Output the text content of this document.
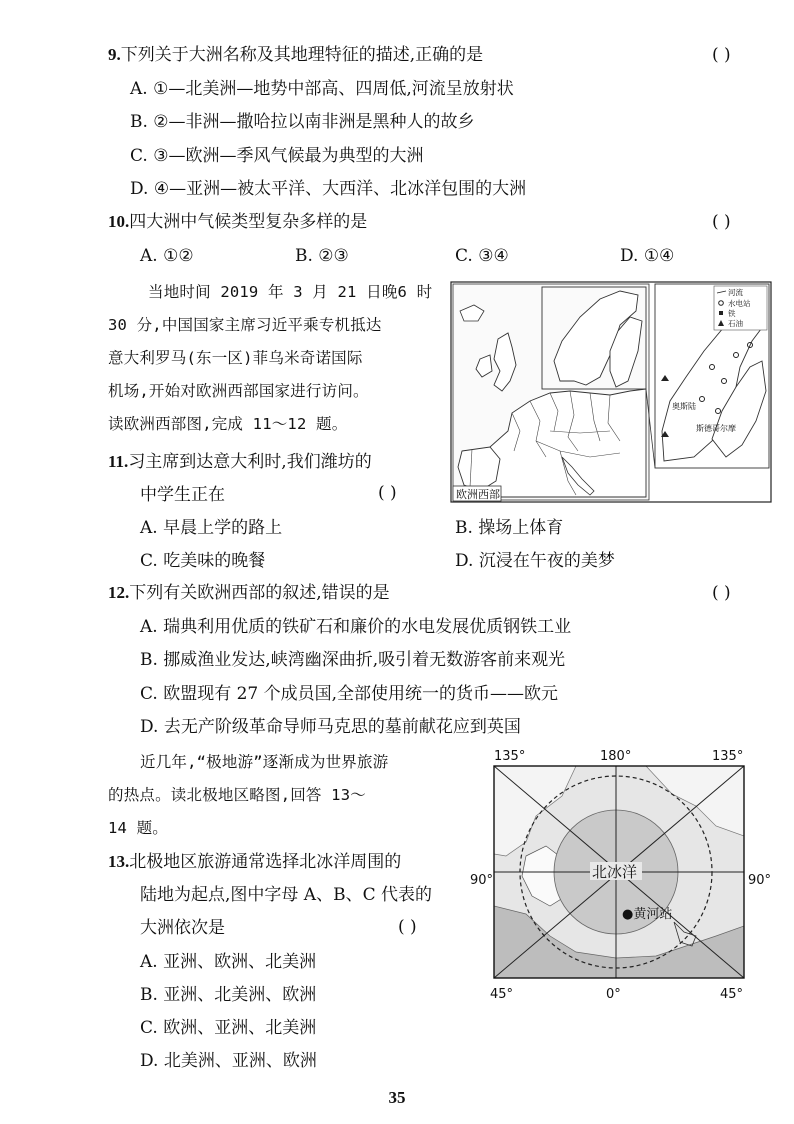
9.下列关于大洲名称及其地理特征的描述,正确的是	( )
A. ①—北美洲—地势中部高、四周低,河流呈放射状
B. ②—非洲—撒哈拉以南非洲是黑种人的故乡
C. ③—欧洲—季风气候最为典型的大洲
D. ④—亚洲—被太平洋、大西洋、北冰洋包围的大洲
10.四大洲中气候类型复杂多样的是	( )
A. ①②	B. ②③	C. ③④	D. ①④
当地时间 2019 年 3 月 21 日晚6 时
30 分,中国国家主席习近平乘专机抵达
意大利罗马(东一区)菲乌米奇诺国际
机场,开始对欧洲西部国家进行访问。
读欧洲西部图,完成 11～12 题。
欧洲西部
河流
水电站
铁
石油
奥斯陆
斯德哥尔摩
11.习主席到达意大利时,我们潍坊的
中学生正在	( )
A. 早晨上学的路上	B. 操场上体育
C. 吃美味的晚餐	D. 沉浸在午夜的美梦
12.下列有关欧洲西部的叙述,错误的是	( )
A. 瑞典利用优质的铁矿石和廉价的水电发展优质钢铁工业
B. 挪威渔业发达,峡湾幽深曲折,吸引着无数游客前来观光
C. 欧盟现有 27 个成员国,全部使用统一的货币——欧元
D. 去无产阶级革命导师马克思的墓前献花应到英国
近几年,“极地游”逐渐成为世界旅游
的热点。读北极地区略图,回答 13～
14 题。
135°	180°	135°
90°	90°
45°	0°	45°
北冰洋
●黄河站
13.北极地区旅游通常选择北冰洋周围的
陆地为起点,图中字母 A、B、C 代表的
大洲依次是	( )
A. 亚洲、欧洲、北美洲
B. 亚洲、北美洲、欧洲
C. 欧洲、亚洲、北美洲
D. 北美洲、亚洲、欧洲
35
